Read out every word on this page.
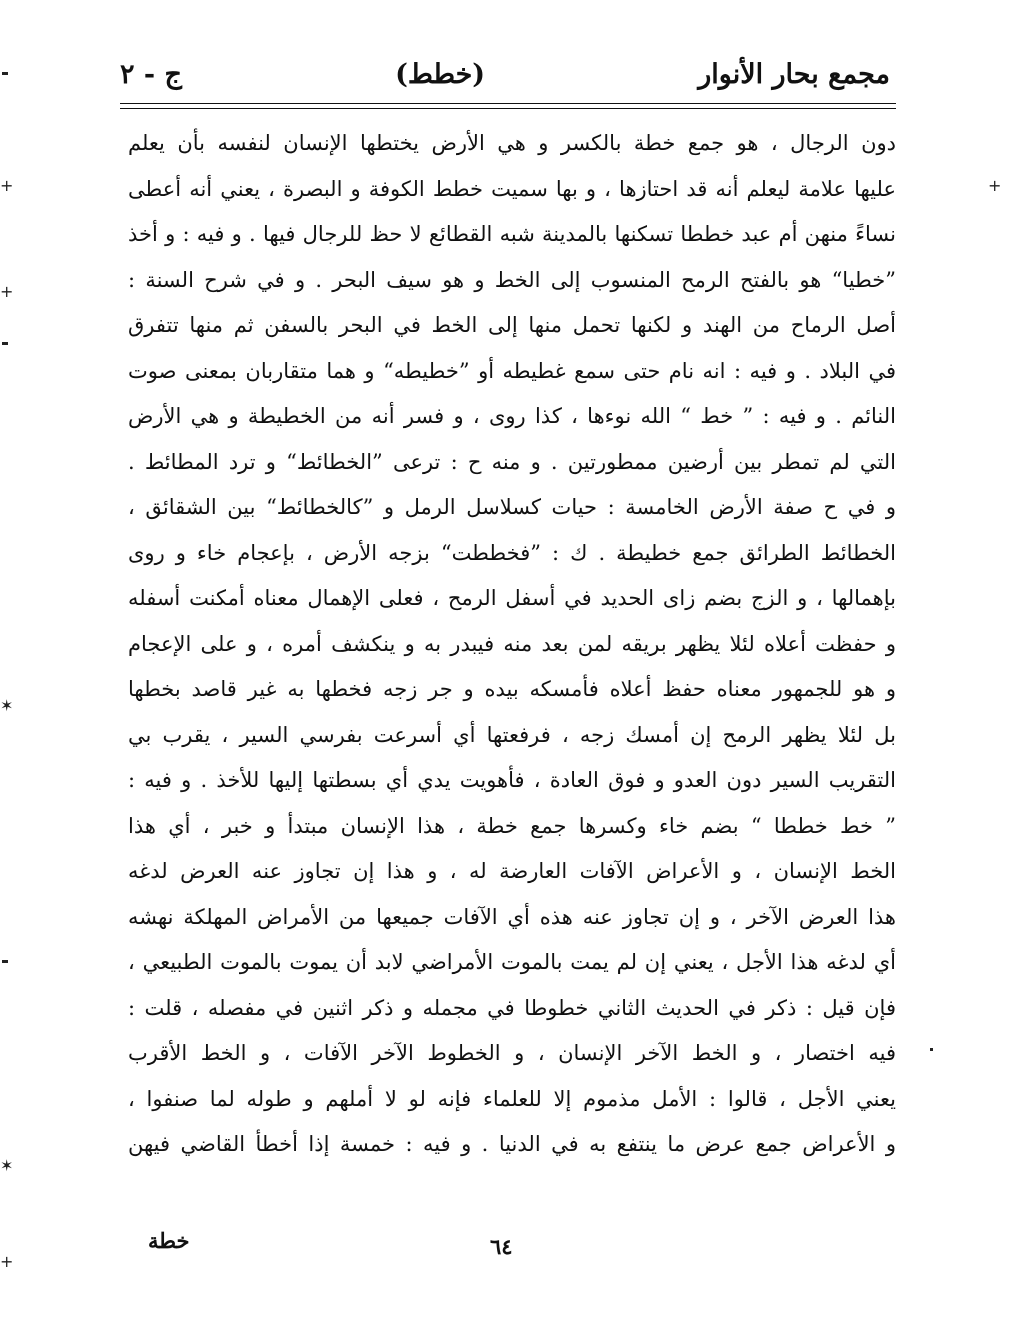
مجمع بحار الأنوار
(خطط)
ج - ٢
دون الرجال ، هو جمع خطة بالكسر و هي الأرض يختطها الإنسان لنفسه بأن يعلم
عليها علامة ليعلم أنه قد احتازها ، و بها سميت خطط الكوفة و البصرة ، يعني أنه أعطى
نساءً منهن أم عبد خططا تسكنها بالمدينة شبه القطائع لا حظ للرجال فيها . و فيه : و أخذ
”خطيا“ هو بالفتح الرمح المنسوب إلى الخط و هو سيف البحر . و في شرح السنة :
أصل الرماح من الهند و لكنها تحمل منها إلى الخط في البحر بالسفن ثم منها تتفرق
في البلاد . و فيه : انه نام حتى سمع غطيطه أو ”خطيطه“ و هما متقاربان بمعنى صوت
النائم . و فيه : ” خط “ الله نوءها ، كذا روى ، و فسر أنه من الخطيطة و هي الأرض
التي لم تمطر بين أرضين ممطورتين . و منه ح : ترعى ”الخطائط“ و ترد المطائط .
و في ح صفة الأرض الخامسة : حيات كسلاسل الرمل و ”كالخطائط“ بين الشقائق ،
الخطائط الطرائق جمع خطيطة . ك : ”فخططت“ بزجه الأرض ، بإعجام خاء و روى
بإهمالها ، و الزج بضم زاى الحديد في أسفل الرمح ، فعلى الإهمال معناه أمكنت أسفله
و حفظت أعلاه لئلا يظهر بريقه لمن بعد منه فيبدر به و ينكشف أمره ، و على الإعجام
و هو للجمهور معناه حفظ أعلاه فأمسكه بيده و جر زجه فخطها به غير قاصد بخطها
بل لئلا يظهر الرمح إن أمسك زجه ، فرفعتها أي أسرعت بفرسي السير ، يقرب بي
التقريب السير دون العدو و فوق العادة ، فأهويت يدي أي بسطتها إليها للأخذ . و فيه :
” خط خططا “ بضم خاء وكسرها جمع خطة ، هذا الإنسان مبتدأ و خبر ، أي هذا
الخط الإنسان ، و الأعراض الآفات العارضة له ، و هذا إن تجاوز عنه العرض لدغه
هذا العرض الآخر ، و إن تجاوز عنه هذه أي الآفات جميعها من الأمراض المهلكة نهشه
أي لدغه هذا الأجل ، يعني إن لم يمت بالموت الأمراضي لابد أن يموت بالموت الطبيعي ،
فإن قيل : ذكر في الحديث الثاني خطوطا في مجمله و ذكر اثنين في مفصله ، قلت :
فيه اختصار ، و الخط الآخر الإنسان ، و الخطوط الآخر الآفات ، و الخط الأقرب
يعني الأجل ، قالوا : الأمل مذموم إلا للعلماء فإنه لو لا أملهم و طوله لما صنفوا ،
و الأعراض جمع عرض ما ينتفع به في الدنيا . و فيه : خمسة إذا أخطأ القاضي فيهن
خطة	٦٤
+
+
+
✶
✶
+
